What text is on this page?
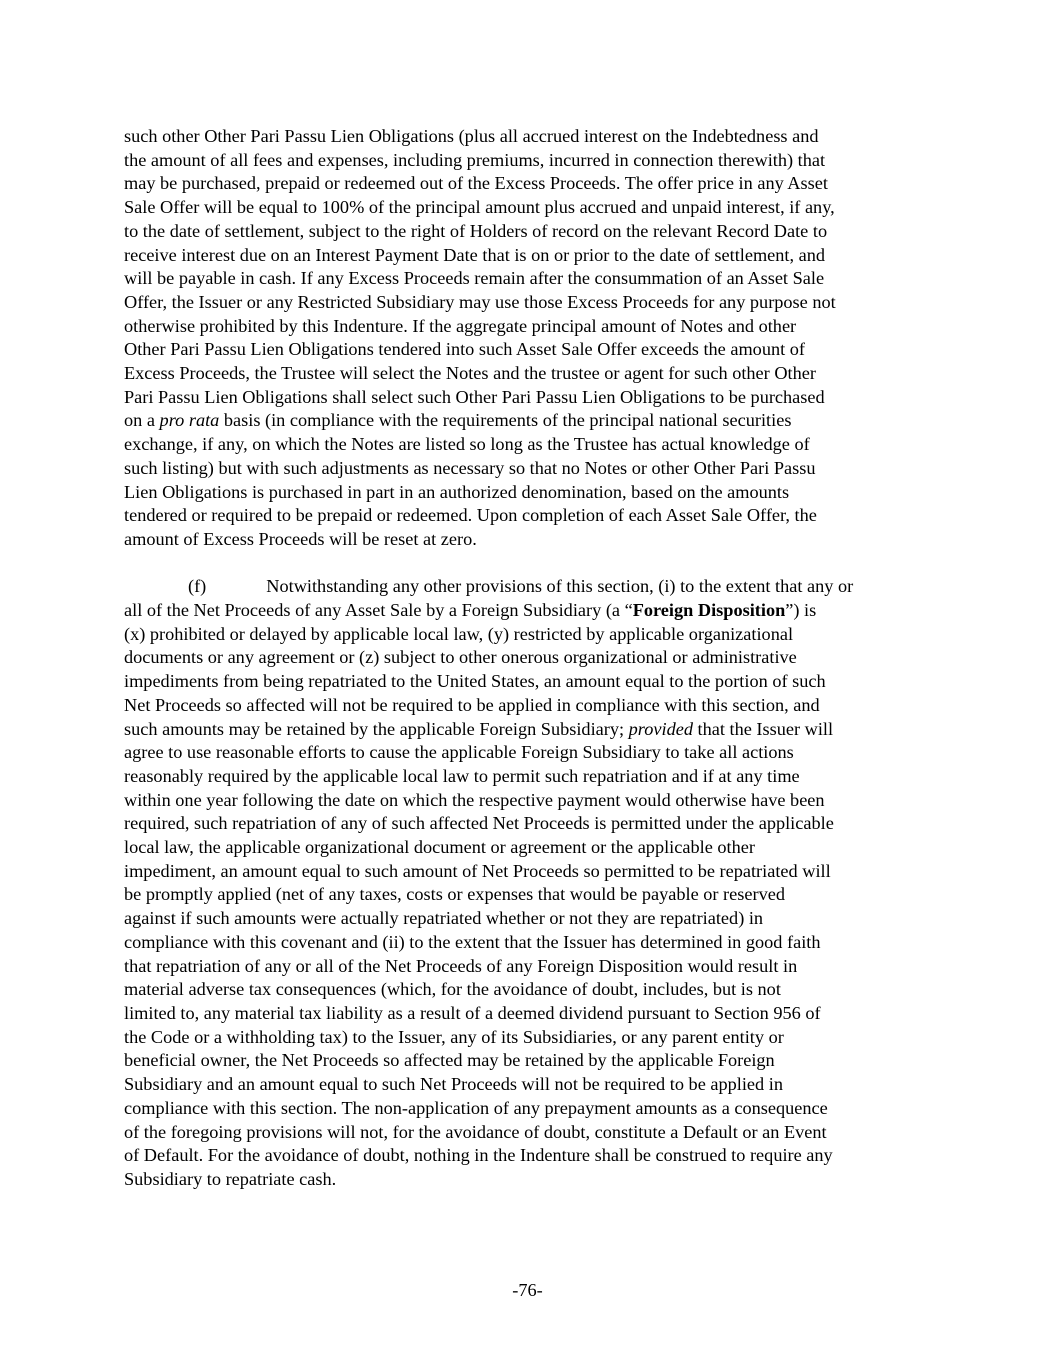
such other Other Pari Passu Lien Obligations (plus all accrued interest on the Indebtedness and
the amount of all fees and expenses, including premiums, incurred in connection therewith) that
may be purchased, prepaid or redeemed out of the Excess Proceeds. The offer price in any Asset
Sale Offer will be equal to 100% of the principal amount plus accrued and unpaid interest, if any,
to the date of settlement, subject to the right of Holders of record on the relevant Record Date to
receive interest due on an Interest Payment Date that is on or prior to the date of settlement, and
will be payable in cash. If any Excess Proceeds remain after the consummation of an Asset Sale
Offer, the Issuer or any Restricted Subsidiary may use those Excess Proceeds for any purpose not
otherwise prohibited by this Indenture. If the aggregate principal amount of Notes and other
Other Pari Passu Lien Obligations tendered into such Asset Sale Offer exceeds the amount of
Excess Proceeds, the Trustee will select the Notes and the trustee or agent for such other Other
Pari Passu Lien Obligations shall select such Other Pari Passu Lien Obligations to be purchased
on a pro rata basis (in compliance with the requirements of the principal national securities
exchange, if any, on which the Notes are listed so long as the Trustee has actual knowledge of
such listing) but with such adjustments as necessary so that no Notes or other Other Pari Passu
Lien Obligations is purchased in part in an authorized denomination, based on the amounts
tendered or required to be prepaid or redeemed. Upon completion of each Asset Sale Offer, the
amount of Excess Proceeds will be reset at zero.
(f)	Notwithstanding any other provisions of this section, (i) to the extent that any or
all of the Net Proceeds of any Asset Sale by a Foreign Subsidiary (a “Foreign Disposition”) is
(x) prohibited or delayed by applicable local law, (y) restricted by applicable organizational
documents or any agreement or (z) subject to other onerous organizational or administrative
impediments from being repatriated to the United States, an amount equal to the portion of such
Net Proceeds so affected will not be required to be applied in compliance with this section, and
such amounts may be retained by the applicable Foreign Subsidiary; provided that the Issuer will
agree to use reasonable efforts to cause the applicable Foreign Subsidiary to take all actions
reasonably required by the applicable local law to permit such repatriation and if at any time
within one year following the date on which the respective payment would otherwise have been
required, such repatriation of any of such affected Net Proceeds is permitted under the applicable
local law, the applicable organizational document or agreement or the applicable other
impediment, an amount equal to such amount of Net Proceeds so permitted to be repatriated will
be promptly applied (net of any taxes, costs or expenses that would be payable or reserved
against if such amounts were actually repatriated whether or not they are repatriated) in
compliance with this covenant and (ii) to the extent that the Issuer has determined in good faith
that repatriation of any or all of the Net Proceeds of any Foreign Disposition would result in
material adverse tax consequences (which, for the avoidance of doubt, includes, but is not
limited to, any material tax liability as a result of a deemed dividend pursuant to Section 956 of
the Code or a withholding tax) to the Issuer, any of its Subsidiaries, or any parent entity or
beneficial owner, the Net Proceeds so affected may be retained by the applicable Foreign
Subsidiary and an amount equal to such Net Proceeds will not be required to be applied in
compliance with this section. The non-application of any prepayment amounts as a consequence
of the foregoing provisions will not, for the avoidance of doubt, constitute a Default or an Event
of Default. For the avoidance of doubt, nothing in the Indenture shall be construed to require any
Subsidiary to repatriate cash.
-76-
